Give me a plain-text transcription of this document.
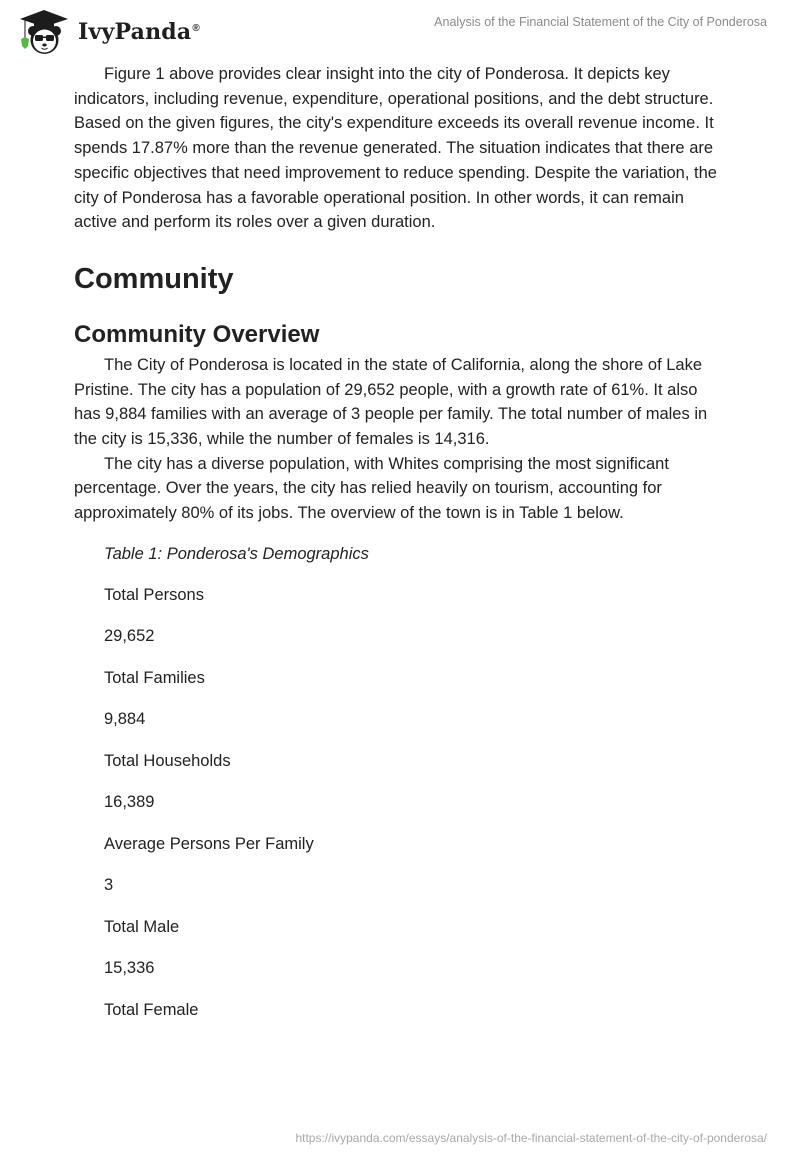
IvyPanda®	Analysis of the Financial Statement of the City of Ponderosa

Figure 1 above provides clear insight into the city of Ponderosa. It depicts key indicators, including revenue, expenditure, operational positions, and the debt structure. Based on the given figures, the city's expenditure exceeds its overall revenue income. It spends 17.87% more than the revenue generated. The situation indicates that there are specific objectives that need improvement to reduce spending. Despite the variation, the city of Ponderosa has a favorable operational position. In other words, it can remain active and perform its roles over a given duration.

Community
Community Overview

The City of Ponderosa is located in the state of California, along the shore of Lake Pristine. The city has a population of 29,652 people, with a growth rate of 61%. It also has 9,884 families with an average of 3 people per family. The total number of males in the city is 15,336, while the number of females is 14,316.

The city has a diverse population, with Whites comprising the most significant percentage. Over the years, the city has relied heavily on tourism, accounting for approximately 80% of its jobs. The overview of the town is in Table 1 below.

Table 1: Ponderosa's Demographics
Total Persons
29,652
Total Families
9,884
Total Households
16,389
Average Persons Per Family
3
Total Male
15,336
Total Female
https://ivypanda.com/essays/analysis-of-the-financial-statement-of-the-city-of-ponderosa/
